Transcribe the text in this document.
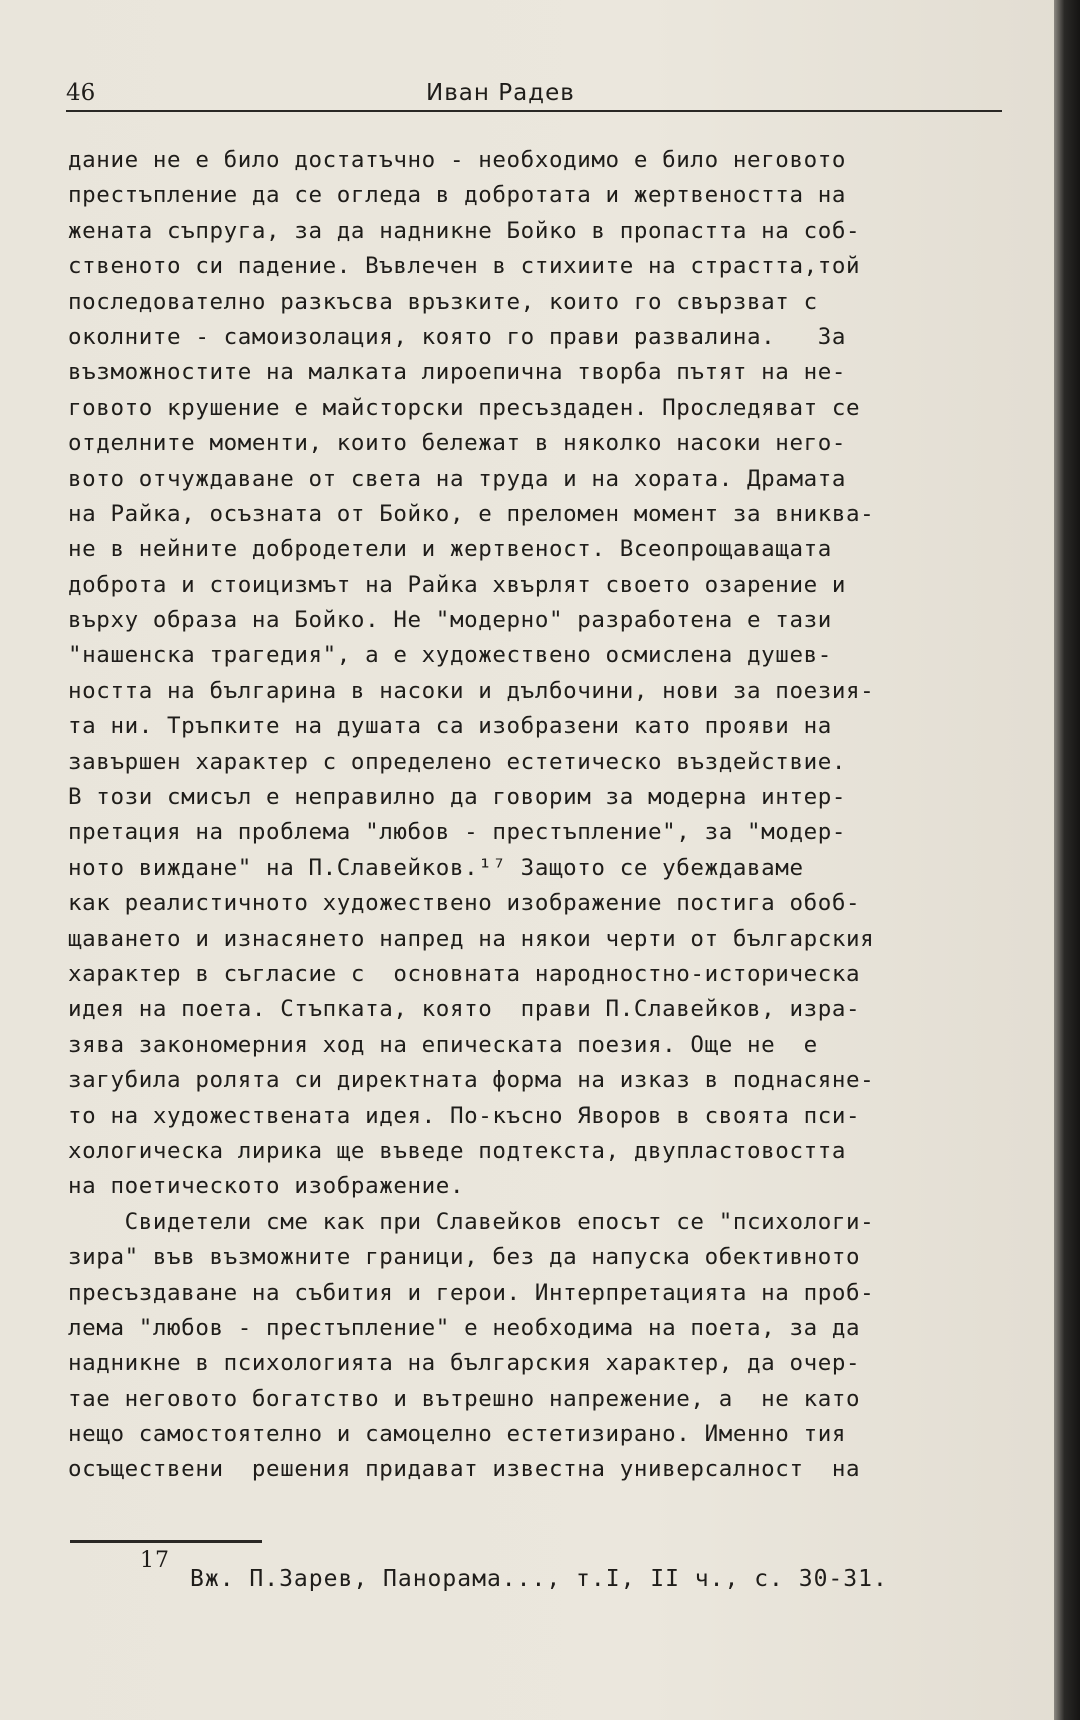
46	Иван Радев
дание не е било достатъчно - необходимо е било неговото
престъпление да се огледа в добротата и жертвеността на
жената съпруга, за да надникне Бойко в пропастта на соб-
ственото си падение. Въвлечен в стихиите на страстта,той
последователно разкъсва връзките, които го свързват с
околните - самоизолация, която го прави развалина.   За
възможностите на малката лироепична творба пътят на не-
говото крушение е майсторски пресъздаден. Проследяват се
отделните моменти, които бележат в няколко насоки него-
вото отчуждаване от света на труда и на хората. Драмата
на Райка, осъзната от Бойко, е преломен момент за вниква-
не в нейните добродетели и жертвеност. Всеопрощаващата
доброта и стоицизмът на Райка хвърлят своето озарение и
върху образа на Бойко. Не "модерно" разработена е тази
"нашенска трагедия", а е художествено осмислена душев-
ността на българина в насоки и дълбочини, нови за поезия-
та ни. Тръпките на душата са изобразени като прояви на
завършен характер с определено естетическо въздействие.
В този смисъл е неправилно да говорим за модерна интер-
претация на проблема "любов - престъпление", за "модер-
ното виждане" на П.Славейков.¹⁷ Защото се убеждаваме
как реалистичното художествено изображение постига обоб-
щаването и изнасянето напред на някои черти от българския
характер в съгласие с  основната народностно-историческа
идея на поета. Стъпката, която  прави П.Славейков, изра-
зява закономерния ход на епическата поезия. Още не  е
загубила ролята си директната форма на изказ в поднасяне-
то на художествената идея. По-късно Яворов в своята пси-
хологическа лирика ще въведе подтекста, двупластовостта
на поетическото изображение.
Свидетели сме как при Славейков епосът се "психологи-
зира" във възможните граници, без да напуска обективното
пресъздаване на събития и герои. Интерпретацията на проб-
лема "любов - престъпление" е необходима на поета, за да
надникне в психологията на българския характер, да очер-
тае неговото богатство и вътрешно напрежение, а  не като
нещо самостоятелно и самоцелно естетизирано. Именно тия
осъществени  решения придават известна универсалност  на

17

Вж. П.Зарев, Панорама..., т.I, II ч., с. 30-31.
